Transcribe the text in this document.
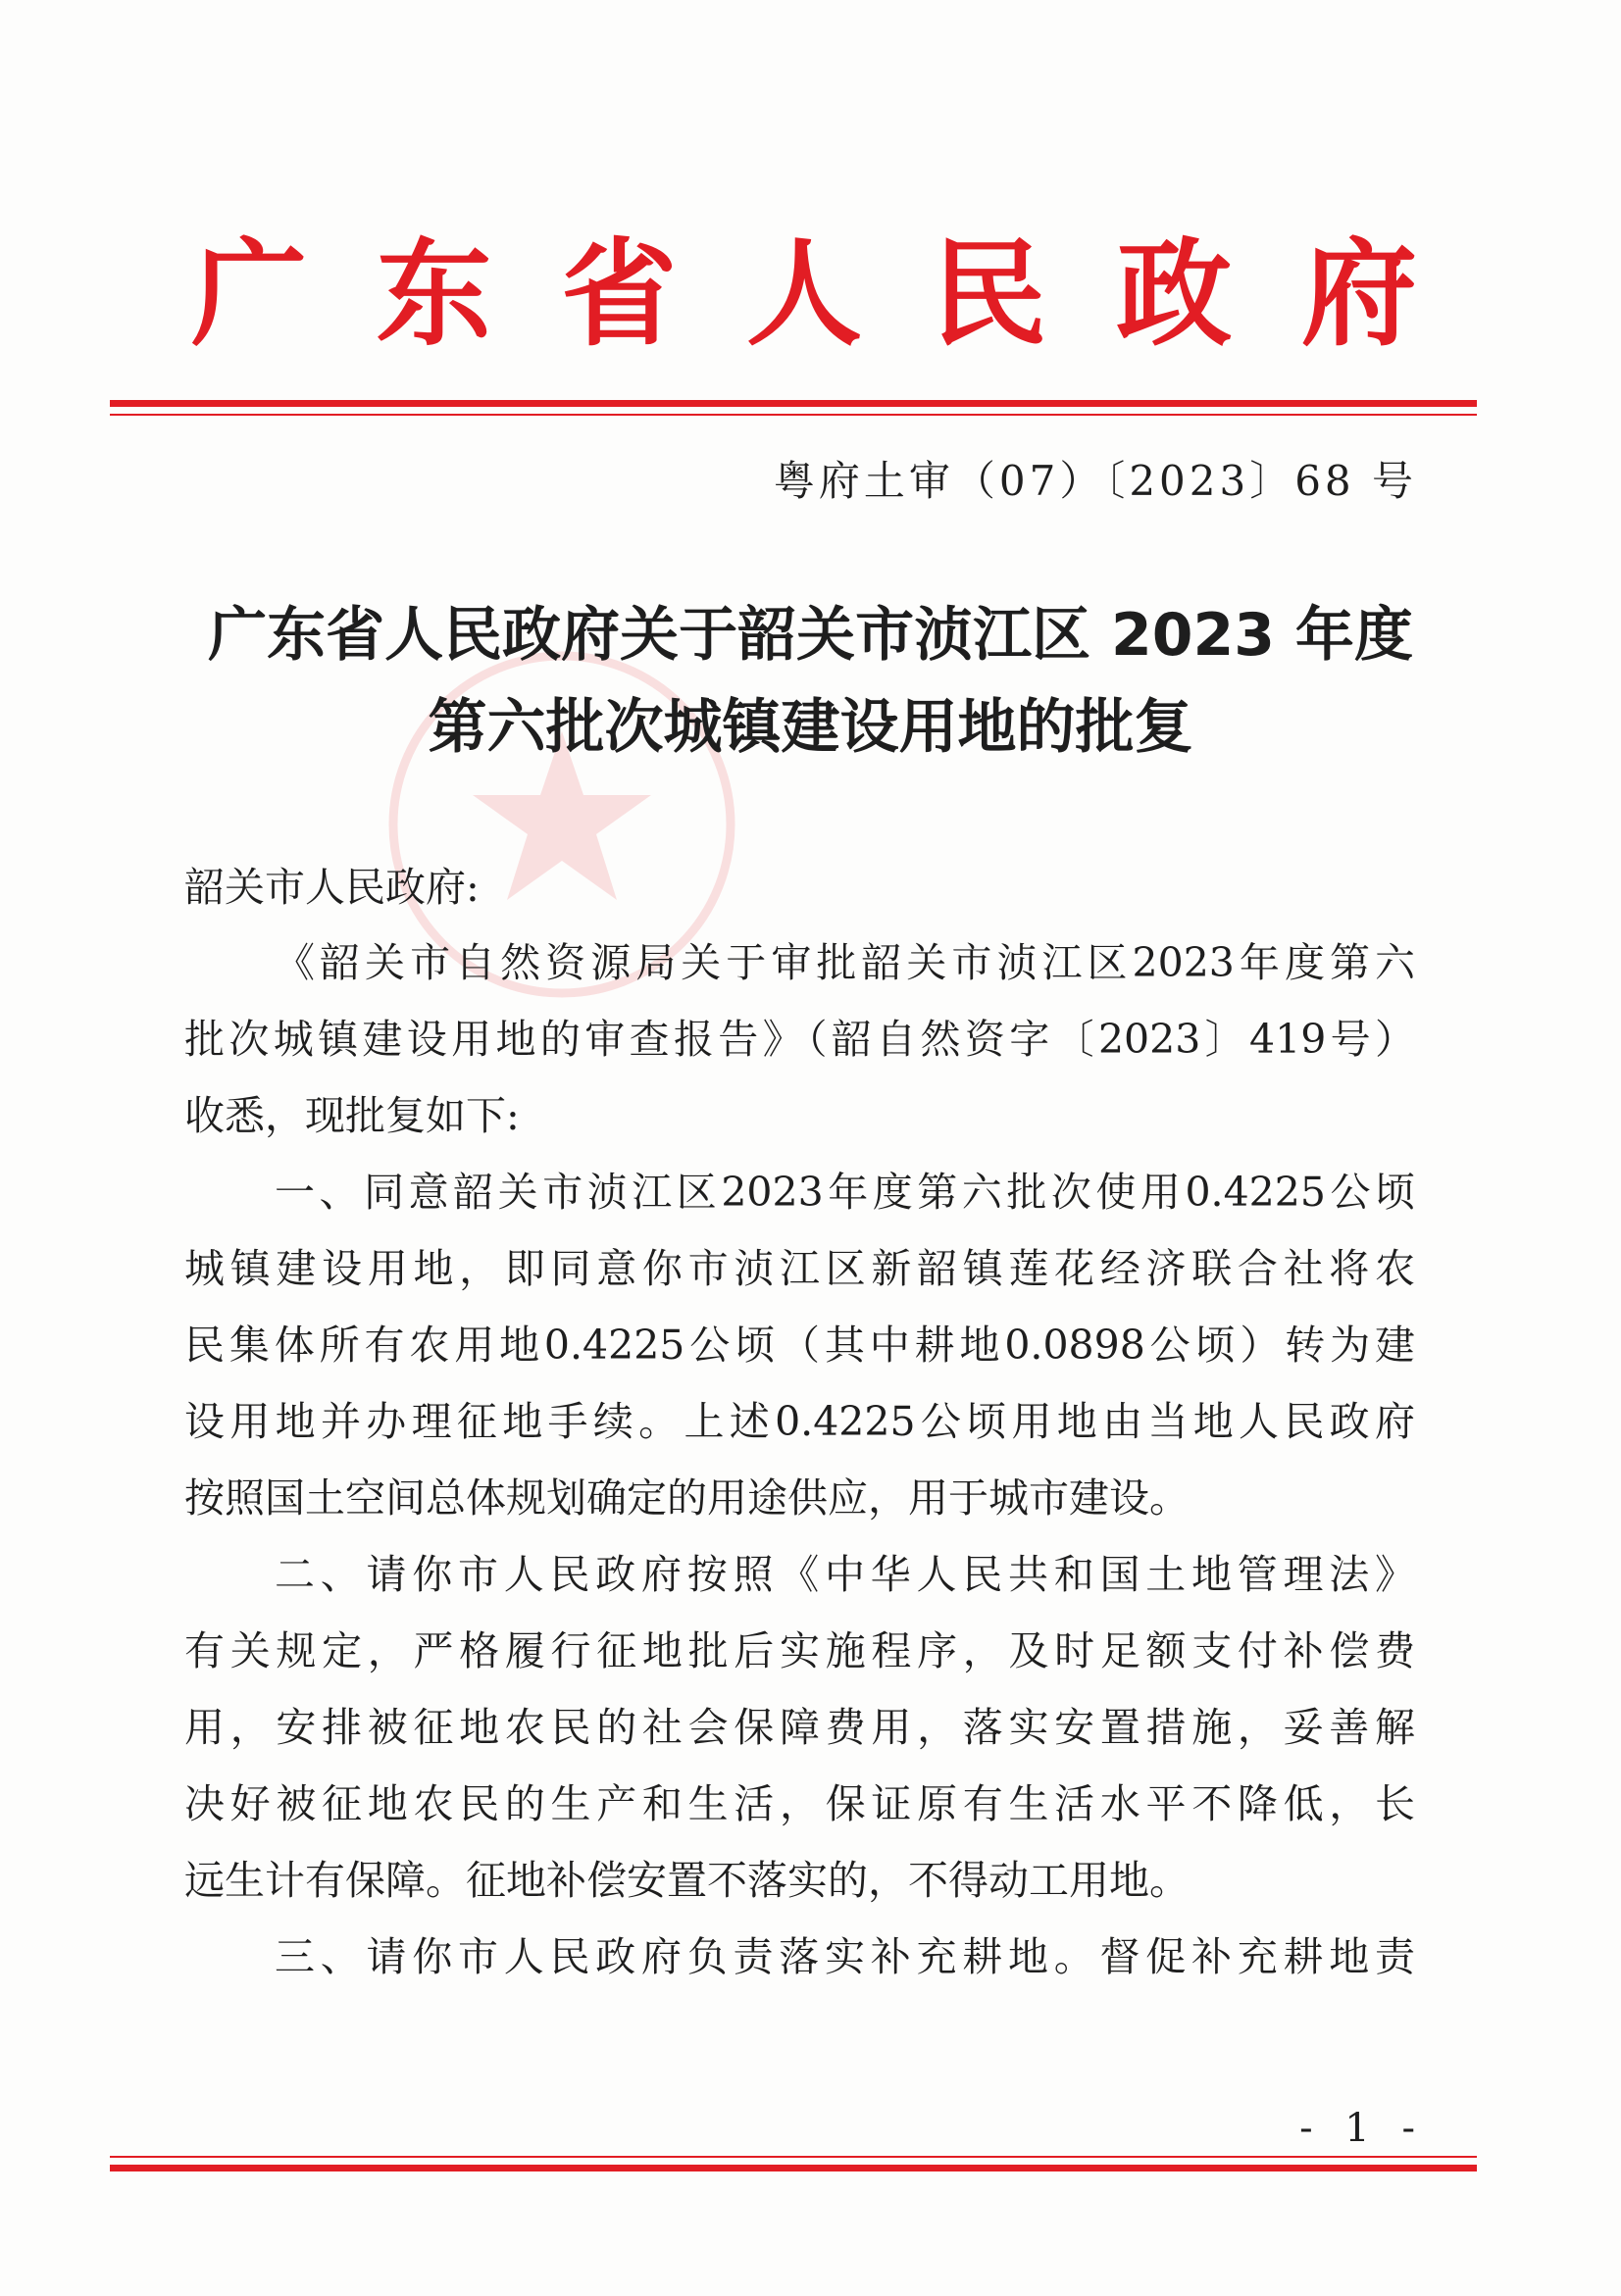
广 东 省 人 民 政 府
粤府土审（07）〔2023〕68 号
广东省人民政府关于韶关市浈江区 2023 年度
第六批次城镇建设用地的批复
韶关市人民政府:
《韶关市自然资源局关于审批韶关市浈江区2023年度第六
批次城镇建设用地的审查报告》（韶自然资字〔2023〕419号）
收悉，现批复如下:
一、同意韶关市浈江区2023年度第六批次使用0.4225公顷
城镇建设用地，即同意你市浈江区新韶镇莲花经济联合社将农
民集体所有农用地0.4225公顷（其中耕地0.0898公顷）转为建
设用地并办理征地手续。上述0.4225公顷用地由当地人民政府
按照国土空间总体规划确定的用途供应，用于城市建设。
二、请你市人民政府按照《中华人民共和国土地管理法》
有关规定，严格履行征地批后实施程序，及时足额支付补偿费
用，安排被征地农民的社会保障费用，落实安置措施，妥善解
决好被征地农民的生产和生活，保证原有生活水平不降低，长
远生计有保障。征地补偿安置不落实的，不得动工用地。
三、请你市人民政府负责落实补充耕地。督促补充耕地责
- 1 -
